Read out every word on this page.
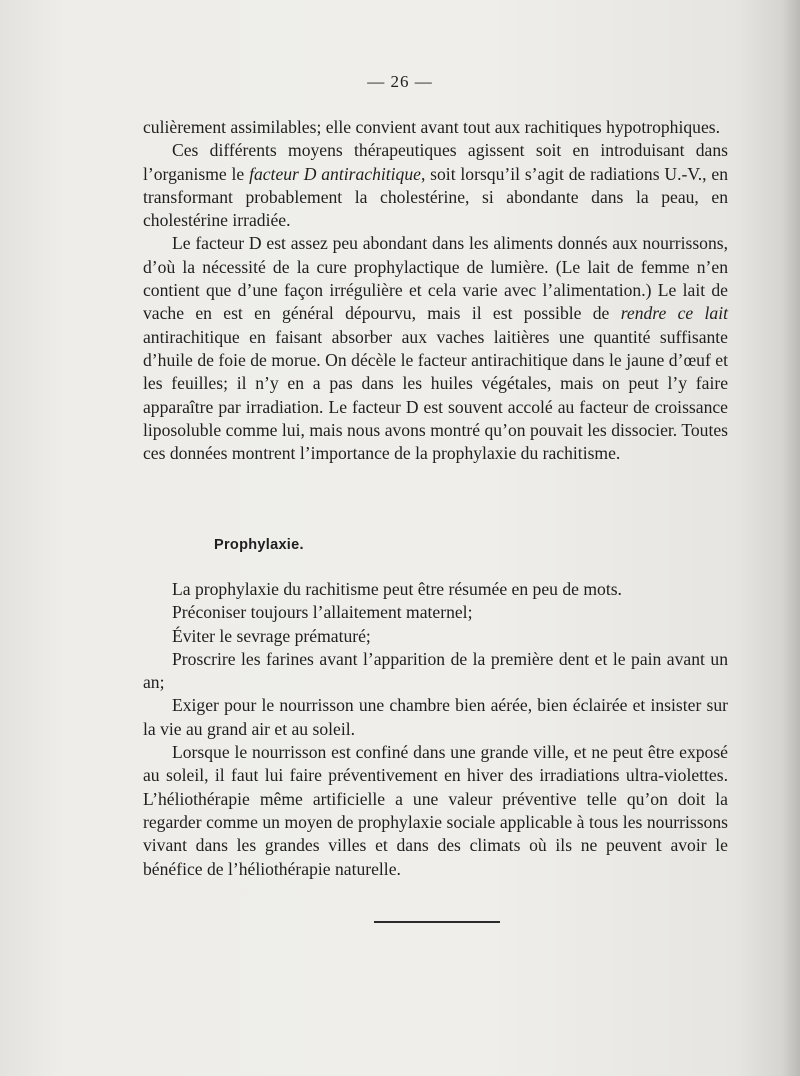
— 26 —

culièrement assimilables; elle convient avant tout aux rachitiques hypotrophiques.

Ces différents moyens thérapeutiques agissent soit en introduisant dans l’organisme le facteur D antirachitique, soit lorsqu’il s’agit de radiations U.-V., en transformant probablement la cholestérine, si abondante dans la peau, en cholestérine irradiée.

Le facteur D est assez peu abondant dans les aliments donnés aux nourrissons, d’où la nécessité de la cure prophylactique de lumière. (Le lait de femme n’en contient que d’une façon irrégulière et cela varie avec l’alimentation.) Le lait de vache en est en général dépourvu, mais il est possible de rendre ce lait antirachitique en faisant absorber aux vaches laitières une quantité suffisante d’huile de foie de morue. On décèle le facteur antirachitique dans le jaune d’œuf et les feuilles; il n’y en a pas dans les huiles végétales, mais on peut l’y faire apparaître par irradiation. Le facteur D est souvent accolé au facteur de croissance liposoluble comme lui, mais nous avons montré qu’on pouvait les dissocier. Toutes ces données montrent l’importance de la prophylaxie du rachitisme.

Prophylaxie.

La prophylaxie du rachitisme peut être résumée en peu de mots.

Préconiser toujours l’allaitement maternel;

Éviter le sevrage prématuré;

Proscrire les farines avant l’apparition de la première dent et le pain avant un an;

Exiger pour le nourrisson une chambre bien aérée, bien éclairée et insister sur la vie au grand air et au soleil.

Lorsque le nourrisson est confiné dans une grande ville, et ne peut être exposé au soleil, il faut lui faire préventivement en hiver des irradiations ultra-violettes. L’héliothérapie même artificielle a une valeur préventive telle qu’on doit la regarder comme un moyen de prophylaxie sociale applicable à tous les nourrissons vivant dans les grandes villes et dans des climats où ils ne peuvent avoir le bénéfice de l’héliothérapie naturelle.
